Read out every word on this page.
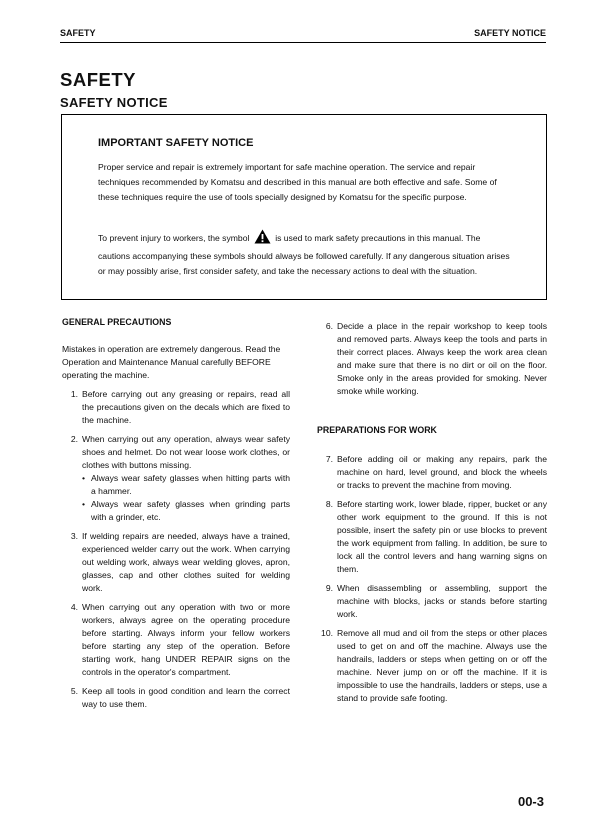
SAFETY	SAFETY NOTICE
SAFETY
SAFETY NOTICE
IMPORTANT SAFETY NOTICE
Proper service and repair is extremely important for safe machine operation. The service and repair techniques recommended by Komatsu and described in this manual are both effective and safe. Some of these techniques require the use of tools specially designed by Komatsu for the specific purpose.
To prevent injury to workers, the symbol	is used to mark safety precautions in this manual. The cautions accompanying these symbols should always be followed carefully. If any dangerous situation arises or may possibly arise, first consider safety, and take the necessary actions to deal with the situation.
GENERAL PRECAUTIONS

Mistakes in operation are extremely dangerous. Read the Operation and Maintenance Manual carefully BEFORE operating the machine.

1. Before carrying out any greasing or repairs, read all the precautions given on the decals which are fixed to the machine.
2. When carrying out any operation, always wear safety shoes and helmet. Do not wear loose work clothes, or clothes with buttons missing.
• Always wear safety glasses when hitting parts with a hammer.
• Always wear safety glasses when grinding parts with a grinder, etc.
3. If welding repairs are needed, always have a trained, experienced welder carry out the work. When carrying out welding work, always wear welding gloves, apron, glasses, cap and other clothes suited for welding work.
4. When carrying out any operation with two or more workers, always agree on the operating procedure before starting. Always inform your fellow workers before starting any step of the operation. Before starting work, hang UNDER REPAIR signs on the controls in the operator's compartment.
5. Keep all tools in good condition and learn the correct way to use them.
6. Decide a place in the repair workshop to keep tools and removed parts. Always keep the tools and parts in their correct places. Always keep the work area clean and make sure that there is no dirt or oil on the floor. Smoke only in the areas provided for smoking. Never smoke while working.
PREPARATIONS FOR WORK
7. Before adding oil or making any repairs, park the machine on hard, level ground, and block the wheels or tracks to prevent the machine from moving.
8. Before starting work, lower blade, ripper, bucket or any other work equipment to the ground. If this is not possible, insert the safety pin or use blocks to prevent the work equipment from falling. In addition, be sure to lock all the control levers and hang warning signs on them.
9. When disassembling or assembling, support the machine with blocks, jacks or stands before starting work.
10. Remove all mud and oil from the steps or other places used to get on and off the machine. Always use the handrails, ladders or steps when getting on or off the machine. Never jump on or off the machine. If it is impossible to use the handrails, ladders or steps, use a stand to provide safe footing.
00-3
